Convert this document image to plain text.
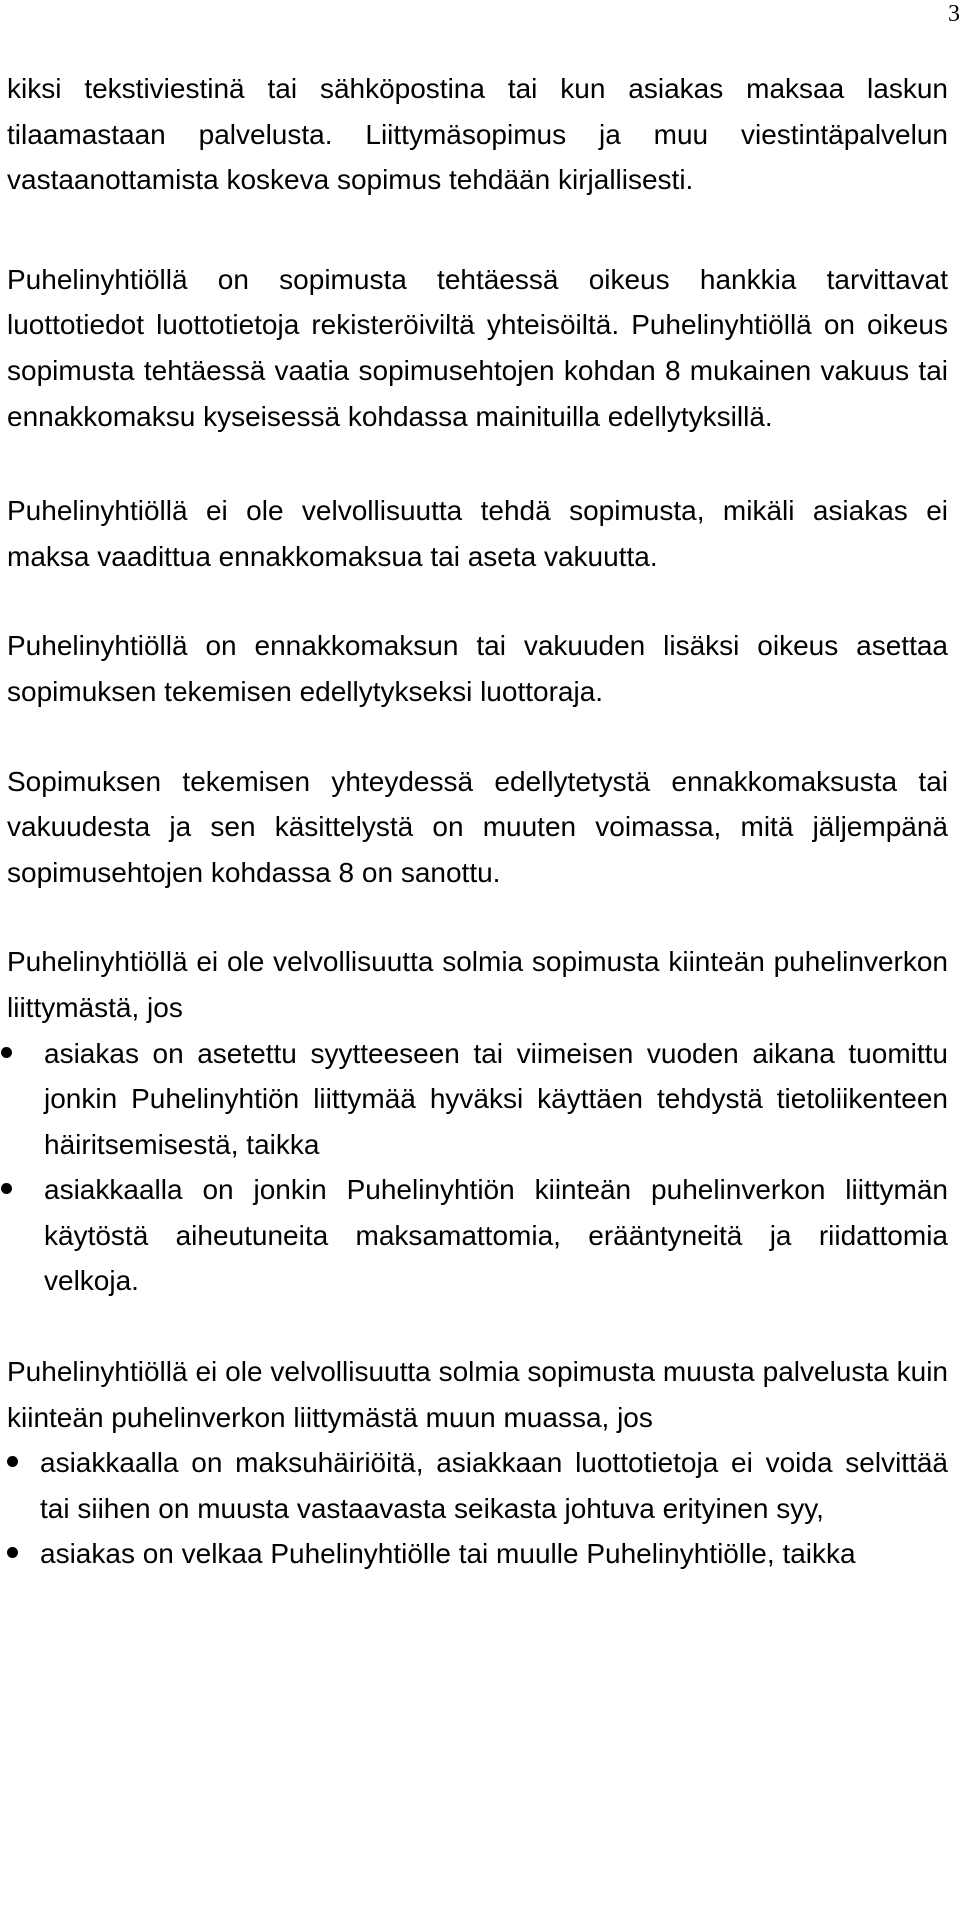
3

kiksi tekstiviestinä tai sähköpostina tai kun asiakas maksaa laskun tilaamastaan palvelusta. Liittymäsopimus ja muu viestintäpalvelun vastaanottamista koskeva sopimus tehdään kirjallisesti.

Puhelinyhtiöllä on sopimusta tehtäessä oikeus hankkia tarvittavat luottotiedot luottotietoja rekisteröiviltä yhteisöiltä. Puhelinyhtiöllä on oikeus sopimusta tehtäessä vaatia sopimusehtojen kohdan 8 mukainen vakuus tai ennakkomaksu kyseisessä kohdassa mainituilla edellytyksillä.

Puhelinyhtiöllä ei ole velvollisuutta tehdä sopimusta, mikäli asiakas ei maksa vaadittua ennakkomaksua tai aseta vakuutta.

Puhelinyhtiöllä on ennakkomaksun tai vakuuden lisäksi oikeus asettaa sopimuksen tekemisen edellytykseksi luottoraja.

Sopimuksen tekemisen yhteydessä edellytetystä ennakkomaksusta tai vakuudesta ja sen käsittelystä on muuten voimassa, mitä jäljempänä sopimusehtojen kohdassa 8 on sanottu.

Puhelinyhtiöllä ei ole velvollisuutta solmia sopimusta kiinteän puhelinverkon liittymästä, jos

asiakas on asetettu syytteeseen tai viimeisen vuoden aikana tuomittu jonkin Puhelinyhtiön liittymää hyväksi käyttäen tehdystä tietoliikenteen häiritsemisestä, taikka
asiakkaalla on jonkin Puhelinyhtiön kiinteän puhelinverkon liittymän käytöstä aiheutuneita maksamattomia, erääntyneitä ja riidattomia velkoja.

Puhelinyhtiöllä ei ole velvollisuutta solmia sopimusta muusta palvelusta kuin kiinteän puhelinverkon liittymästä muun muassa, jos

asiakkaalla on maksuhäiriöitä, asiakkaan luottotietoja ei voida selvittää tai siihen on muusta vastaavasta seikasta johtuva erityinen syy,
asiakas on velkaa Puhelinyhtiölle tai muulle Puhelinyhtiölle, taikka
